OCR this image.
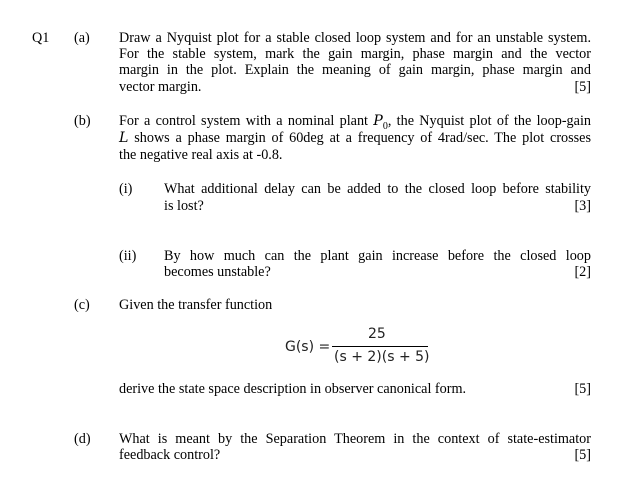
Q1 (a) Draw a Nyquist plot for a stable closed loop system and for an unstable system.
For the stable system, mark the gain margin, phase margin and the vector
margin in the plot. Explain the meaning of gain margin, phase margin and
vector margin.	[5]
(b) For a control system with a nominal plant $P_0$, the Nyquist plot of the loop-gain
L shows a phase margin of 60deg at a frequency of 4rad/sec. The plot crosses
the negative real axis at -0.8.
(i) What additional delay can be added to the closed loop before stability
is lost?	[3]
(ii) By how much can the plant gain increase before the closed loop
becomes unstable?	[2]
(c) Given the transfer function
G(s) =
25
(s + 2)(s + 5)
derive the state space description in observer canonical form.	[5]
(d) What is meant by the Separation Theorem in the context of state-estimator
feedback control?	[5]
